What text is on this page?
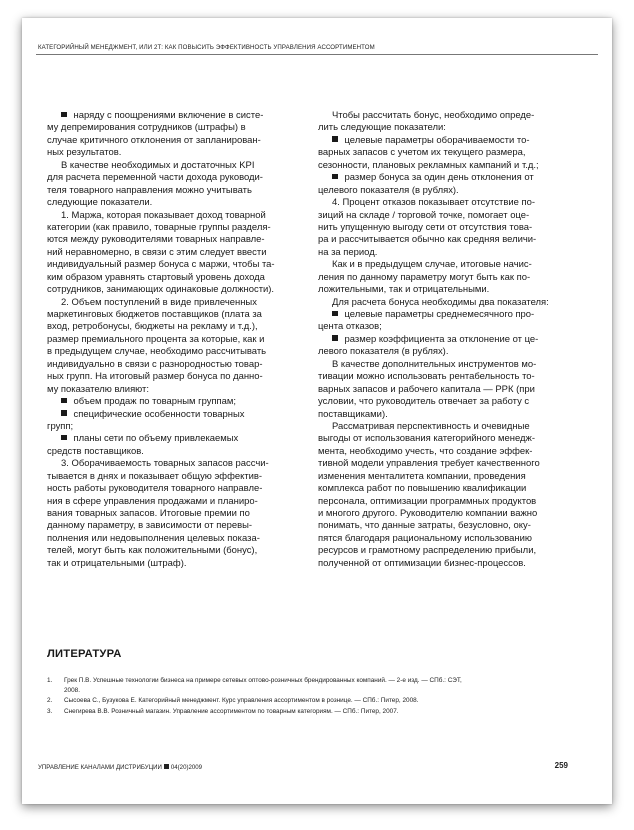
КАТЕГОРИЙНЫЙ МЕНЕДЖМЕНТ, ИЛИ 2Т: КАК ПОВЫСИТЬ ЭФФЕКТИВНОСТЬ УПРАВЛЕНИЯ АССОРТИМЕНТОМ
наряду с поощрениями включение в систе-
му депремирования сотрудников (штрафы) в
случае критичного отклонения от запланирован-
ных результатов.
В качестве необходимых и достаточных KPI
для расчета переменной части дохода руководи-
теля товарного направления можно учитывать
следующие показатели.
1. Маржа, которая показывает доход товарной
категории (как правило, товарные группы разделя-
ются между руководителями товарных направле-
ний неравномерно, в связи с этим следует ввести
индивидуальный размер бонуса с маржи, чтобы та-
ким образом уравнять стартовый уровень дохода
сотрудников, занимающих одинаковые должности).
2. Объем поступлений в виде привлеченных
маркетинговых бюджетов поставщиков (плата за
вход, ретробонусы, бюджеты на рекламу и т.д.),
размер премиального процента за которые, как и
в предыдущем случае, необходимо рассчитывать
индивидуально в связи с разнородностью товар-
ных групп. На итоговый размер бонуса по данно-
му показателю влияют:
объем продаж по товарным группам;
специфические особенности товарных
групп;
планы сети по объему привлекаемых
средств поставщиков.
3. Оборачиваемость товарных запасов рассчи-
тывается в днях и показывает общую эффектив-
ность работы руководителя товарного направле-
ния в сфере управления продажами и планиро-
вания товарных запасов. Итоговые премии по
данному параметру, в зависимости от перевы-
полнения или недовыполнения целевых показа-
телей, могут быть как положительными (бонус),
так и отрицательными (штраф).
Чтобы рассчитать бонус, необходимо опреде-
лить следующие показатели:
целевые параметры оборачиваемости то-
варных запасов с учетом их текущего размера,
сезонности, плановых рекламных кампаний и т.д.;
размер бонуса за один день отклонения от
целевого показателя (в рублях).
4. Процент отказов показывает отсутствие по-
зиций на складе / торговой точке, помогает оце-
нить упущенную выгоду сети от отсутствия това-
ра и рассчитывается обычно как средняя величи-
на за период.
Как и в предыдущем случае, итоговые начис-
ления по данному параметру могут быть как по-
ложительными, так и отрицательными.
Для расчета бонуса необходимы два показателя:
целевые параметры среднемесячного про-
цента отказов;
размер коэффициента за отклонение от це-
левого показателя (в рублях).
В качестве дополнительных инструментов мо-
тивации можно использовать рентабельность то-
варных запасов и рабочего капитала — РРК (при
условии, что руководитель отвечает за работу с
поставщиками).
Рассматривая перспективность и очевидные
выгоды от использования категорийного менедж-
мента, необходимо учесть, что создание эффек-
тивной модели управления требует качественного
изменения менталитета компании, проведения
комплекса работ по повышению квалификации
персонала, оптимизации программных продуктов
и многого другого. Руководителю компании важно
понимать, что данные затраты, безусловно, оку-
пятся благодаря рациональному использованию
ресурсов и грамотному распределению прибыли,
полученной от оптимизации бизнес-процессов.
ЛИТЕРАТУРА
1. Грек П.В. Успешные технологии бизнеса на примере сетевых оптово-розничных брендированных компаний. — 2-е изд. — СПб.: СЭТ,
2008.
2. Сысоева С., Бузукова Е. Категорийный менеджмент. Курс управления ассортиментом в рознице. — СПб.: Питер, 2008.
3. Снегирева В.В. Розничный магазин. Управление ассортиментом по товарным категориям. — СПб.: Питер, 2007.
УПРАВЛЕНИЕ КАНАЛАМИ ДИСТРИБУЦИИ 04(20)2009	259
